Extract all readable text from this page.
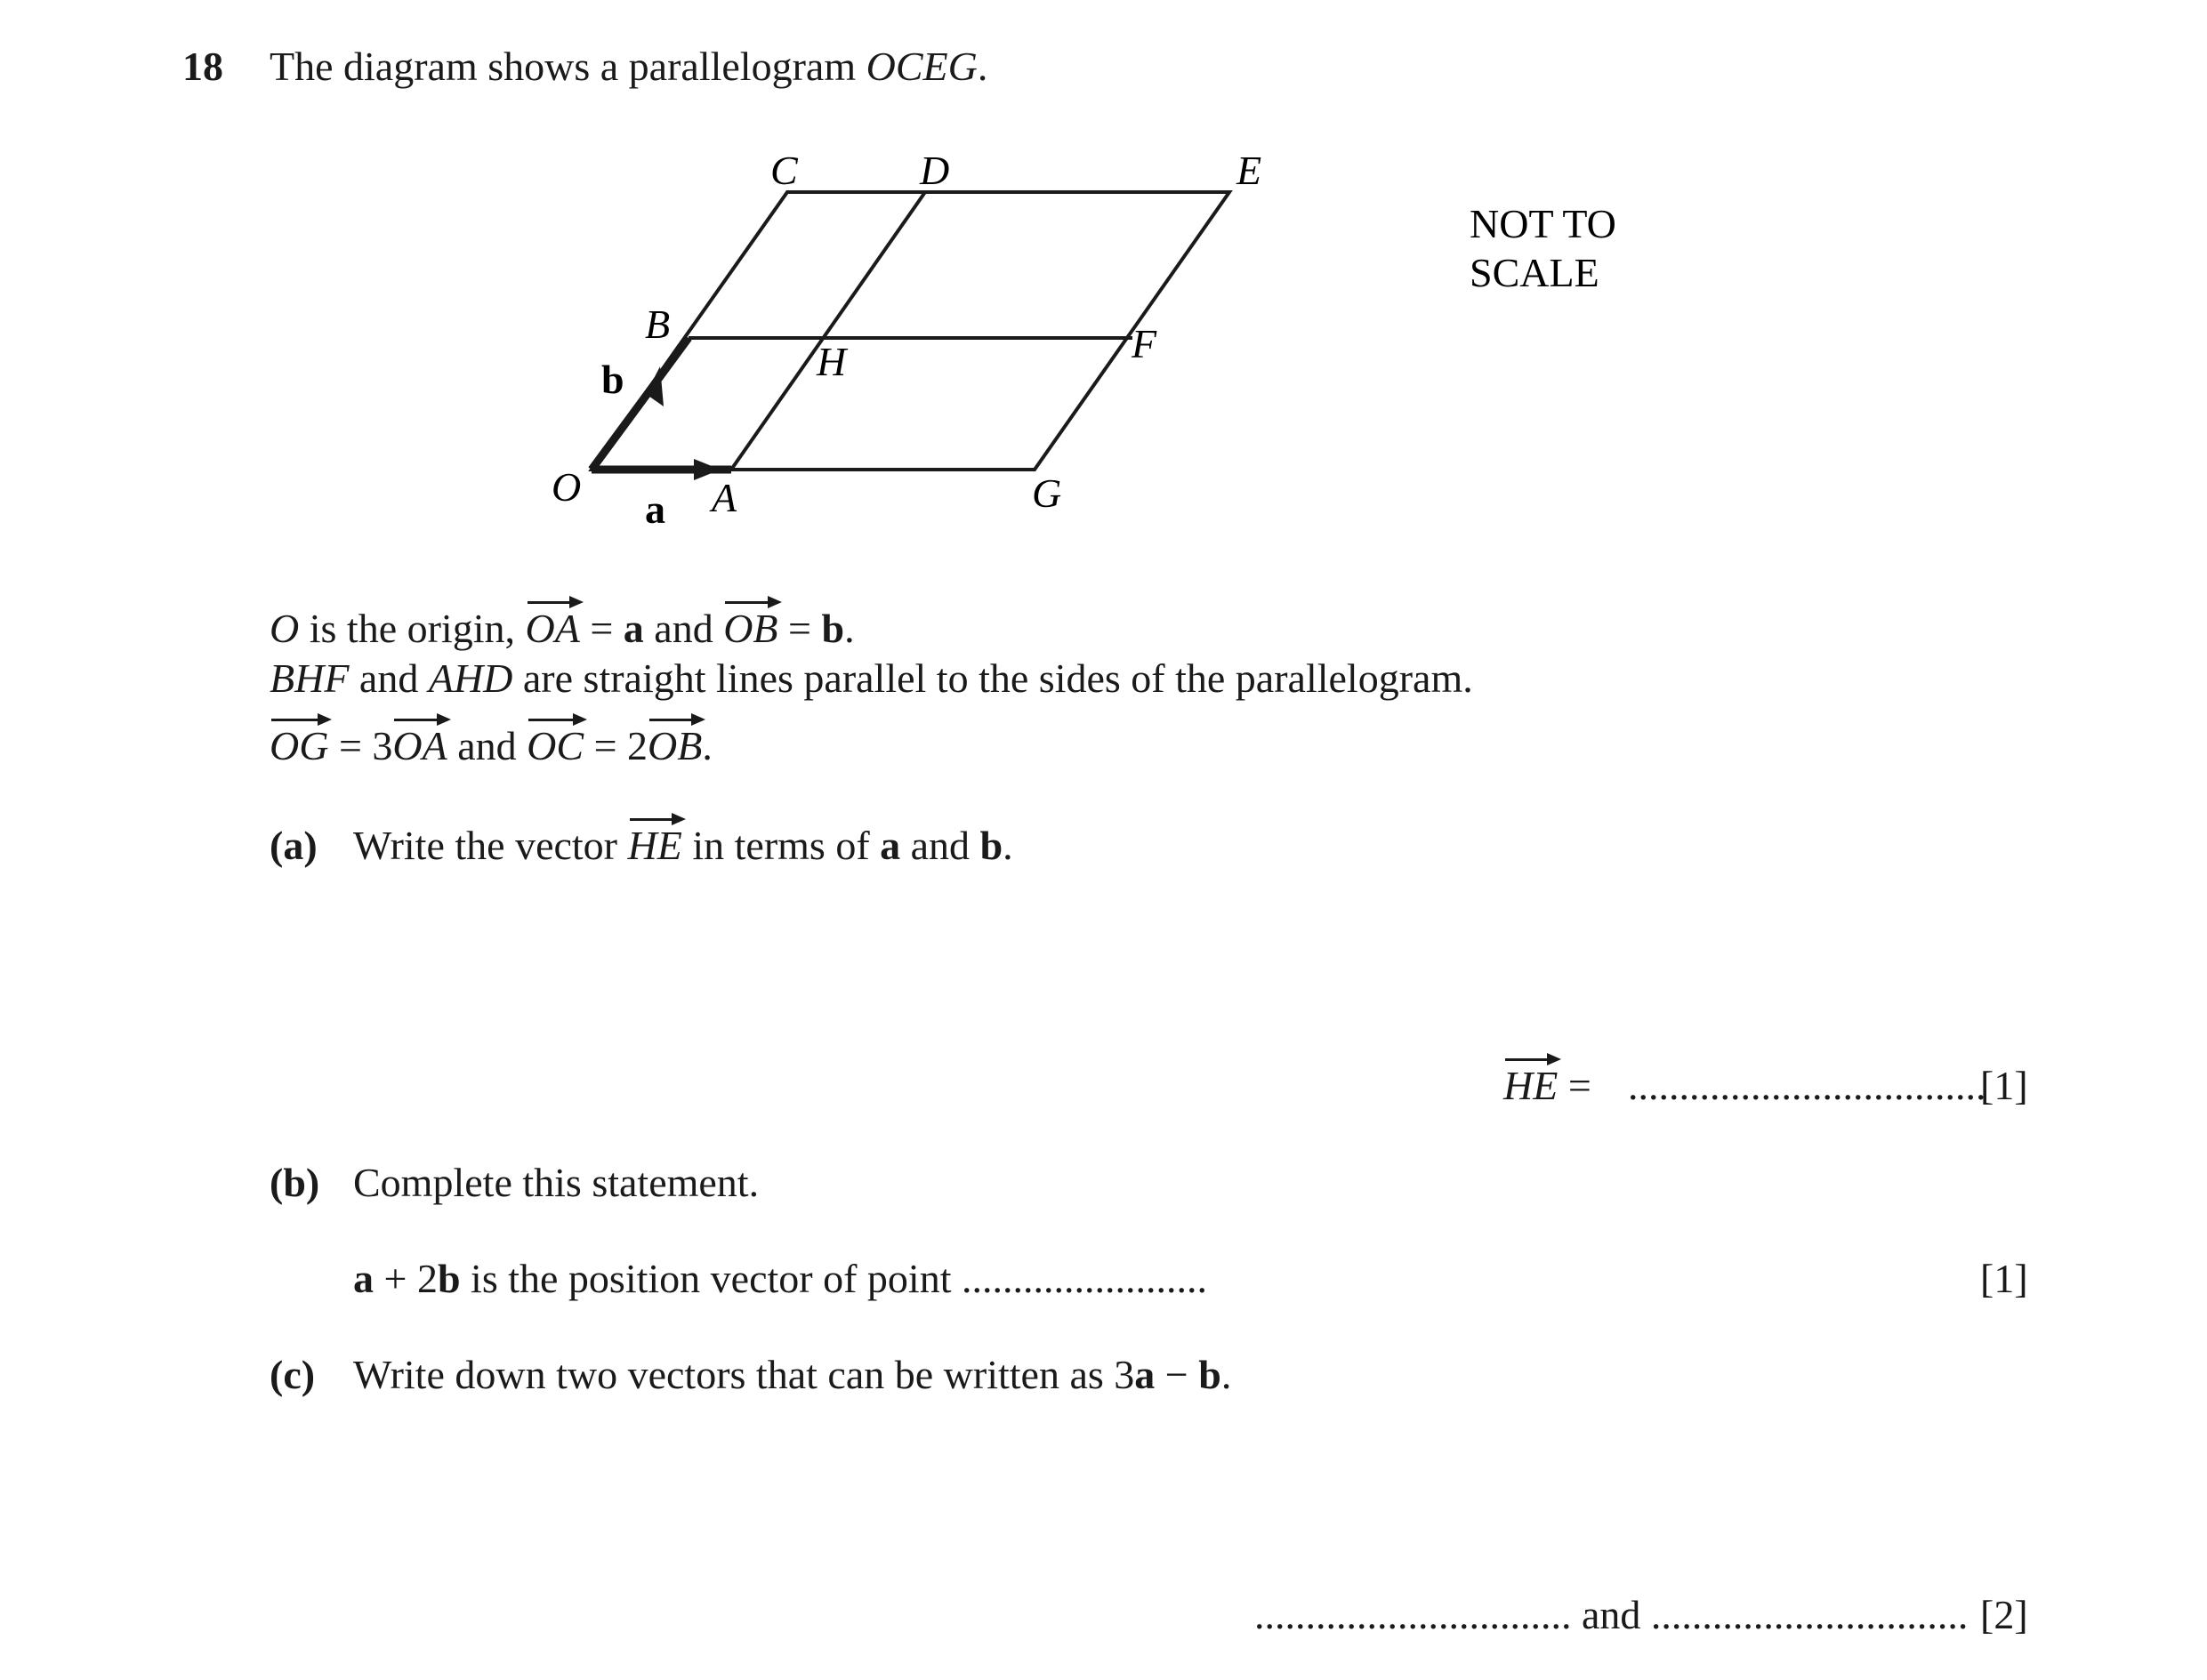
18 The diagram shows a parallelogram OCEG.
O	A	G
B
H	F
C	D	E
a
b
NOT TO
SCALE
O is the origin, OA = a and OB = b.
BHF and AHD are straight lines parallel to the sides of the parallelogram.
OG = 3OA and OC = 2OB.
(a) Write the vector HE in terms of a and b.
HE = ...................................
[1]
(b) Complete this statement.
a + 2b is the position vector of point ........................	[1]
(c) Write down two vectors that can be written as 3a − b.
............................... and ............................... [2]
